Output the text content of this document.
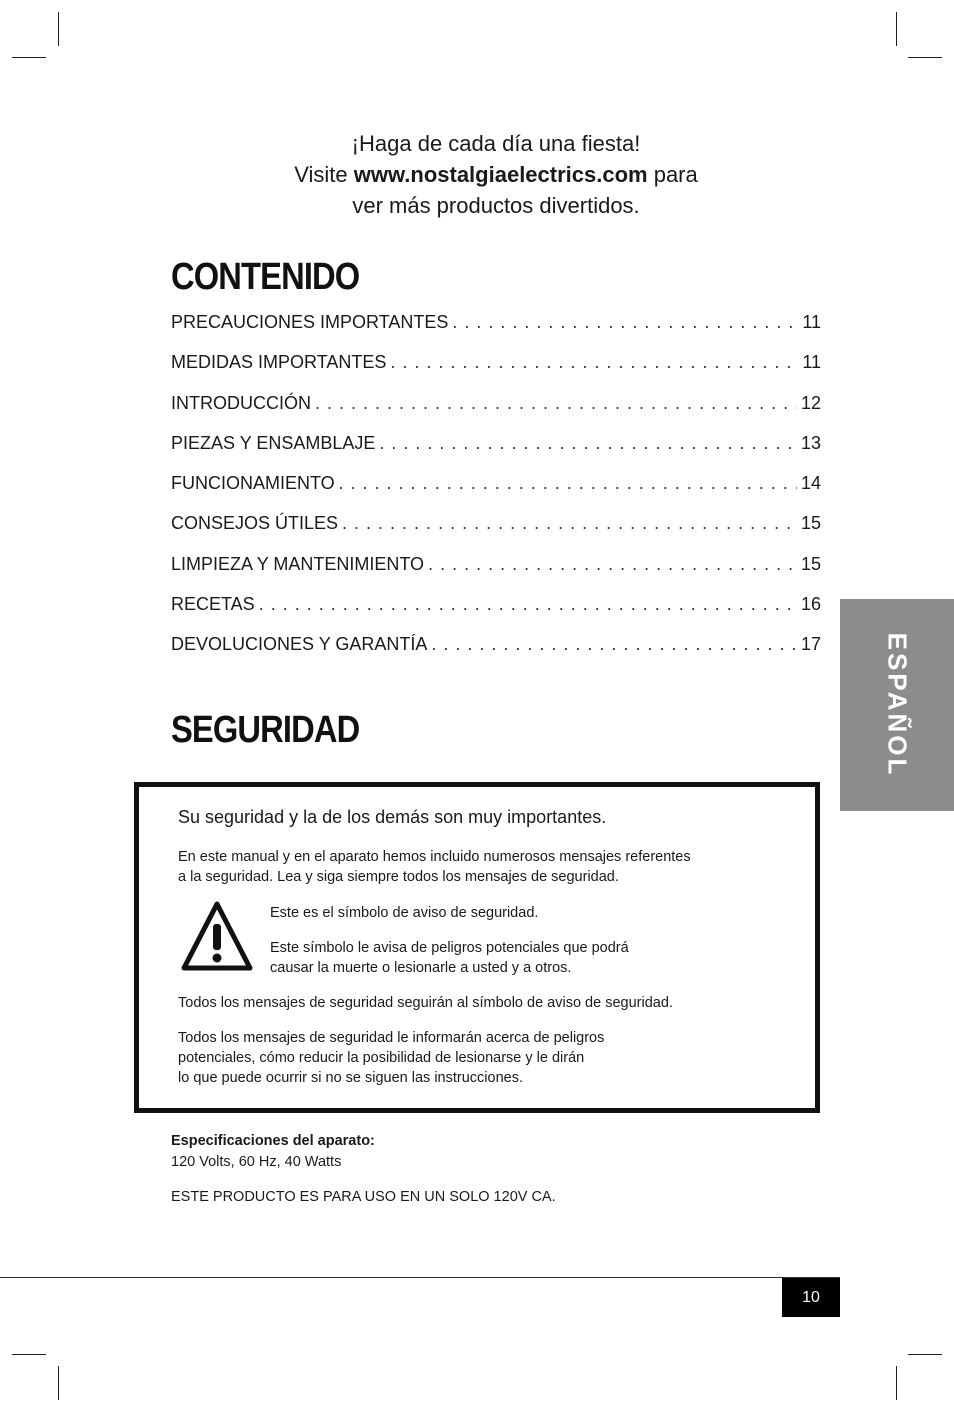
¡Haga de cada día una fiesta!
Visite www.nostalgiaelectrics.com para
ver más productos divertidos.
CONTENIDO
PRECAUCIONES IMPORTANTES . . .	11
MEDIDAS IMPORTANTES . . .	11
INTRODUCCIÓN . . .	12
PIEZAS Y ENSAMBLAJE . . .	13
FUNCIONAMIENTO . . .	14
CONSEJOS ÚTILES . . .	15
LIMPIEZA Y MANTENIMIENTO . . .	15
RECETAS . . .	16
DEVOLUCIONES Y GARANTÍA . . .	17
SEGURIDAD	ESPAÑOL
Su seguridad y la de los demás son muy importantes.
En este manual y en el aparato hemos incluido numerosos mensajes referentes
a la seguridad. Lea y siga siempre todos los mensajes de seguridad.
Este es el símbolo de aviso de seguridad.
Este símbolo le avisa de peligros potenciales que podrá
causar la muerte o lesionarle a usted y a otros.
Todos los mensajes de seguridad seguirán al símbolo de aviso de seguridad.
Todos los mensajes de seguridad le informarán acerca de peligros
potenciales, cómo reducir la posibilidad de lesionarse y le dirán
lo que puede ocurrir si no se siguen las instrucciones.
Especificaciones del aparato:
120 Volts, 60 Hz, 40 Watts
ESTE PRODUCTO ES PARA USO EN UN SOLO 120V CA.
10
